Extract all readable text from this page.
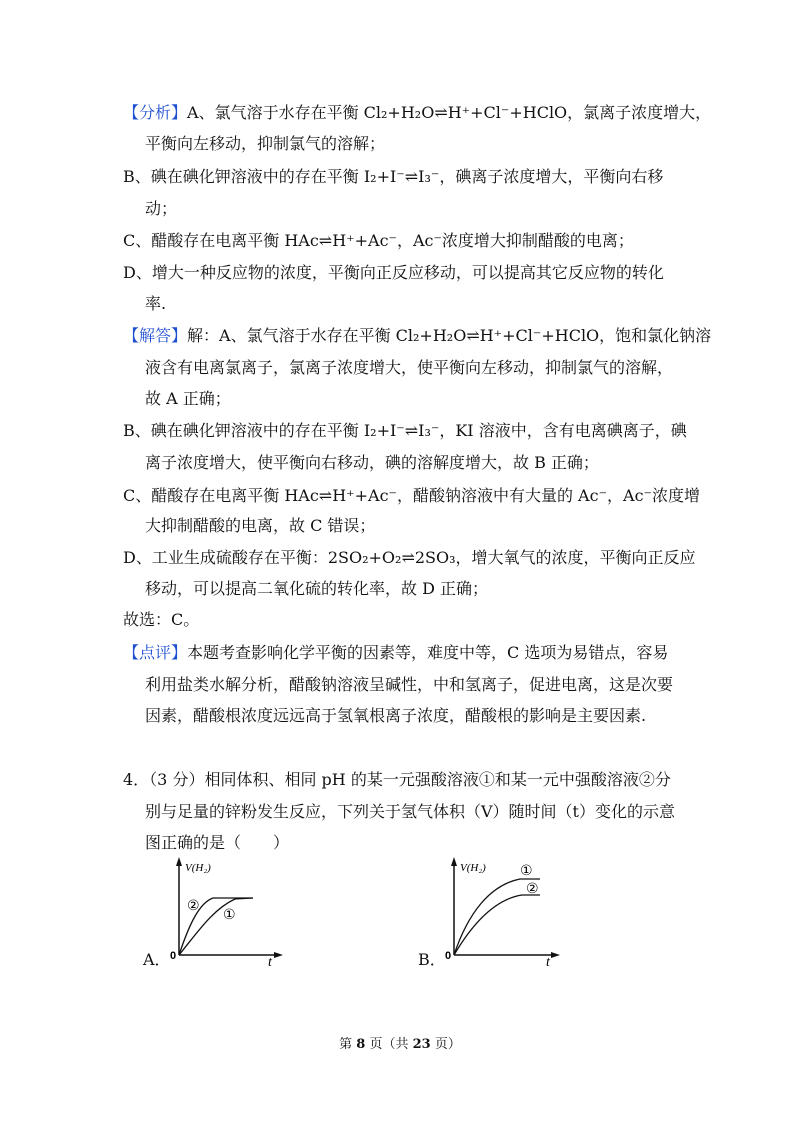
【分析】A、氯气溶于水存在平衡 Cl₂+H₂O⇌H⁺+Cl⁻+HClO，氯离子浓度增大，
平衡向左移动，抑制氯气的溶解；
B、碘在碘化钾溶液中的存在平衡 I₂+I⁻⇌I₃⁻，碘离子浓度增大，平衡向右移
动；
C、醋酸存在电离平衡 HAc⇌H⁺+Ac⁻，Ac⁻浓度增大抑制醋酸的电离；
D、增大一种反应物的浓度，平衡向正反应移动，可以提高其它反应物的转化
率.
【解答】解：A、氯气溶于水存在平衡 Cl₂+H₂O⇌H⁺+Cl⁻+HClO，饱和氯化钠溶
液含有电离氯离子，氯离子浓度增大，使平衡向左移动，抑制氯气的溶解，
故 A 正确；
B、碘在碘化钾溶液中的存在平衡 I₂+I⁻⇌I₃⁻，KI 溶液中，含有电离碘离子，碘
离子浓度增大，使平衡向右移动，碘的溶解度增大，故 B 正确；
C、醋酸存在电离平衡 HAc⇌H⁺+Ac⁻，醋酸钠溶液中有大量的 Ac⁻，Ac⁻浓度增
大抑制醋酸的电离，故 C 错误；
D、工业生成硫酸存在平衡：2SO₂+O₂⇌2SO₃，增大氧气的浓度，平衡向正反应
移动，可以提高二氧化硫的转化率，故 D 正确；
故选：C。
【点评】本题考查影响化学平衡的因素等，难度中等，C 选项为易错点，容易
利用盐类水解分析，醋酸钠溶液呈碱性，中和氢离子，促进电离，这是次要
因素，醋酸根浓度远远高于氢氧根离子浓度，醋酸根的影响是主要因素.
4．（3 分）相同体积、相同 pH 的某一元强酸溶液①和某一元中强酸溶液②分
别与足量的锌粉发生反应，下列关于氢气体积（V）随时间（t）变化的示意
图正确的是（　　）
A．
V(H₂)
t
0
②
①
B．
V(H₂)
t
0
①
②
第 8 页（共 23 页）
